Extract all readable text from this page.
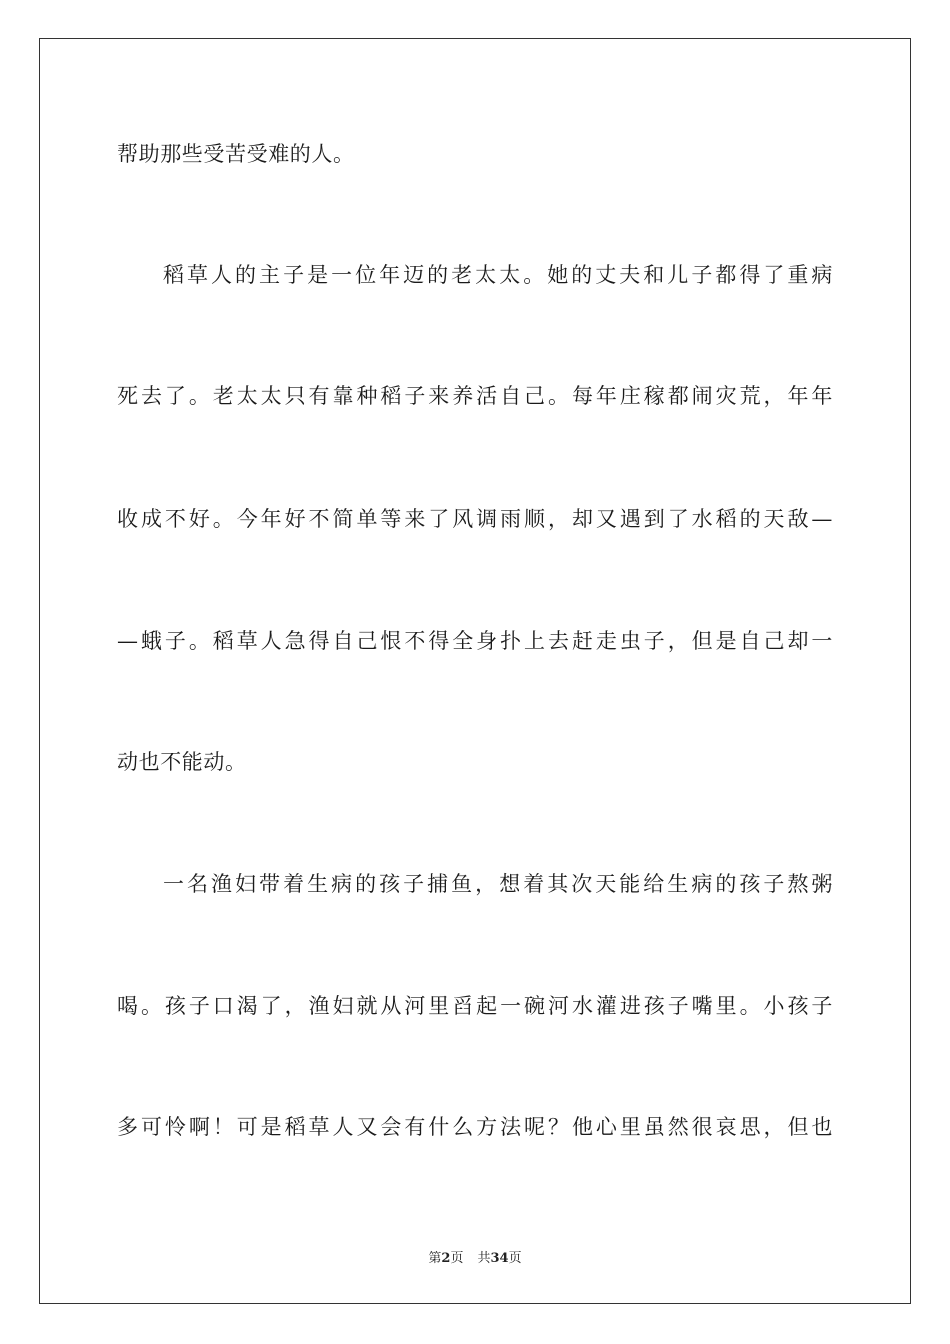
帮助那些受苦受难的人。
稻草人的主子是一位年迈的老太太。她的丈夫和儿子都得了重病
死去了。老太太只有靠种稻子来养活自己。每年庄稼都闹灾荒，年年
收成不好。今年好不简单等来了风调雨顺，却又遇到了水稻的天敌—
—蛾子。稻草人急得自己恨不得全身扑上去赶走虫子，但是自己却一
动也不能动。
一名渔妇带着生病的孩子捕鱼，想着其次天能给生病的孩子熬粥
喝。孩子口渴了，渔妇就从河里舀起一碗河水灌进孩子嘴里。小孩子
多可怜啊！可是稻草人又会有什么方法呢？他心里虽然很哀思，但也
第2页 共34页
